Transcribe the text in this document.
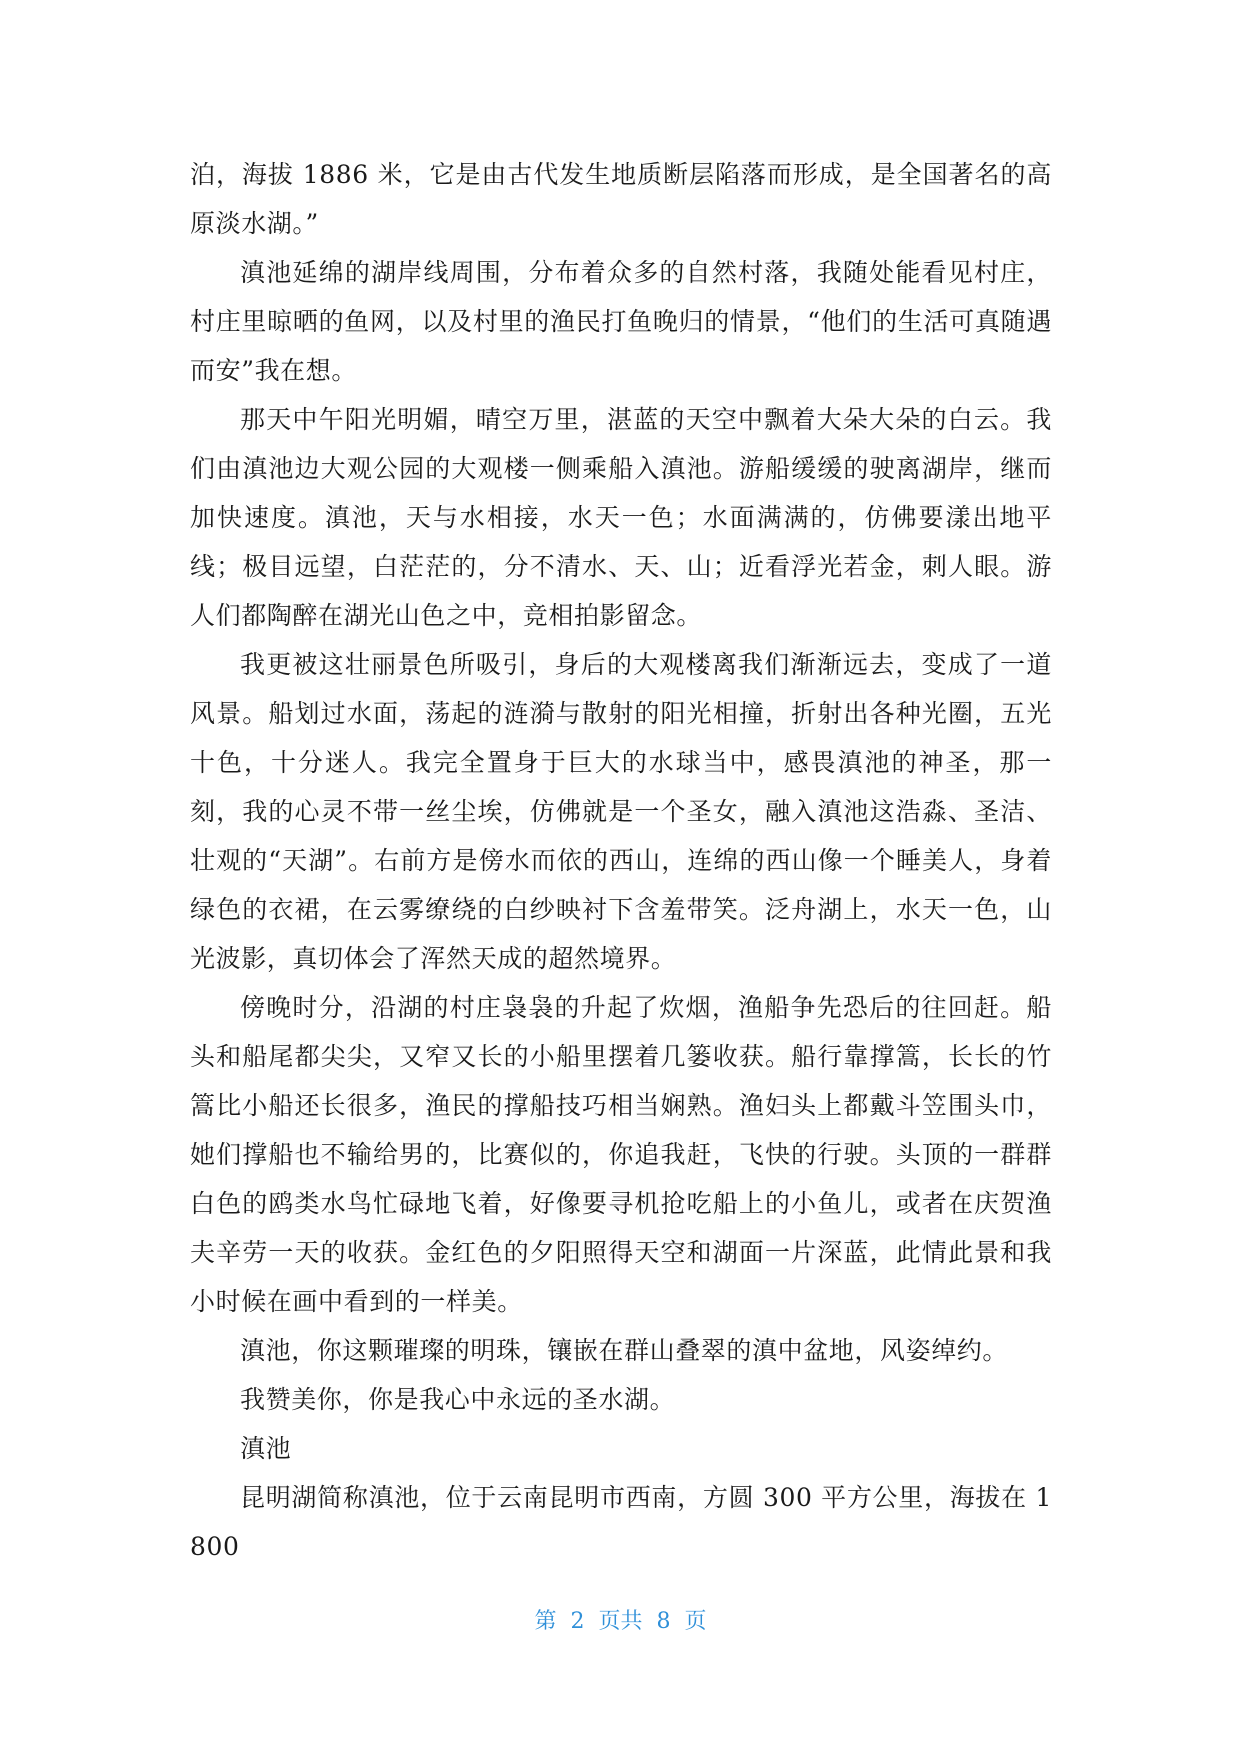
泊，海拔 1886 米，它是由古代发生地质断层陷落而形成，是全国著名的高原淡水湖。”

滇池延绵的湖岸线周围，分布着众多的自然村落，我随处能看见村庄，村庄里晾晒的鱼网，以及村里的渔民打鱼晚归的情景，“他们的生活可真随遇而安”我在想。

那天中午阳光明媚，晴空万里，湛蓝的天空中飘着大朵大朵的白云。我们由滇池边大观公园的大观楼一侧乘船入滇池。游船缓缓的驶离湖岸，继而加快速度。滇池，天与水相接，水天一色；水面满满的，仿佛要漾出地平线；极目远望，白茫茫的，分不清水、天、山；近看浮光若金，刺人眼。游人们都陶醉在湖光山色之中，竞相拍影留念。

我更被这壮丽景色所吸引，身后的大观楼离我们渐渐远去，变成了一道风景。船划过水面，荡起的涟漪与散射的阳光相撞，折射出各种光圈，五光十色，十分迷人。我完全置身于巨大的水球当中，感畏滇池的神圣，那一刻，我的心灵不带一丝尘埃，仿佛就是一个圣女，融入滇池这浩淼、圣洁、壮观的“天湖”。右前方是傍水而依的西山，连绵的西山像一个睡美人，身着绿色的衣裙，在云雾缭绕的白纱映衬下含羞带笑。泛舟湖上，水天一色，山光波影，真切体会了浑然天成的超然境界。

傍晚时分，沿湖的村庄袅袅的升起了炊烟，渔船争先恐后的往回赶。船头和船尾都尖尖，又窄又长的小船里摆着几篓收获。船行靠撑篙，长长的竹篙比小船还长很多，渔民的撑船技巧相当娴熟。渔妇头上都戴斗笠围头巾，她们撑船也不输给男的，比赛似的，你追我赶，飞快的行驶。头顶的一群群白色的鸥类水鸟忙碌地飞着，好像要寻机抢吃船上的小鱼儿，或者在庆贺渔夫辛劳一天的收获。金红色的夕阳照得天空和湖面一片深蓝，此情此景和我小时候在画中看到的一样美。

滇池，你这颗璀璨的明珠，镶嵌在群山叠翠的滇中盆地，风姿绰约。

我赞美你，你是我心中永远的圣水湖。

滇池

昆明湖简称滇池，位于云南昆明市西南，方圆 300 平方公里，海拔在 1800

第  2  页共  8  页
